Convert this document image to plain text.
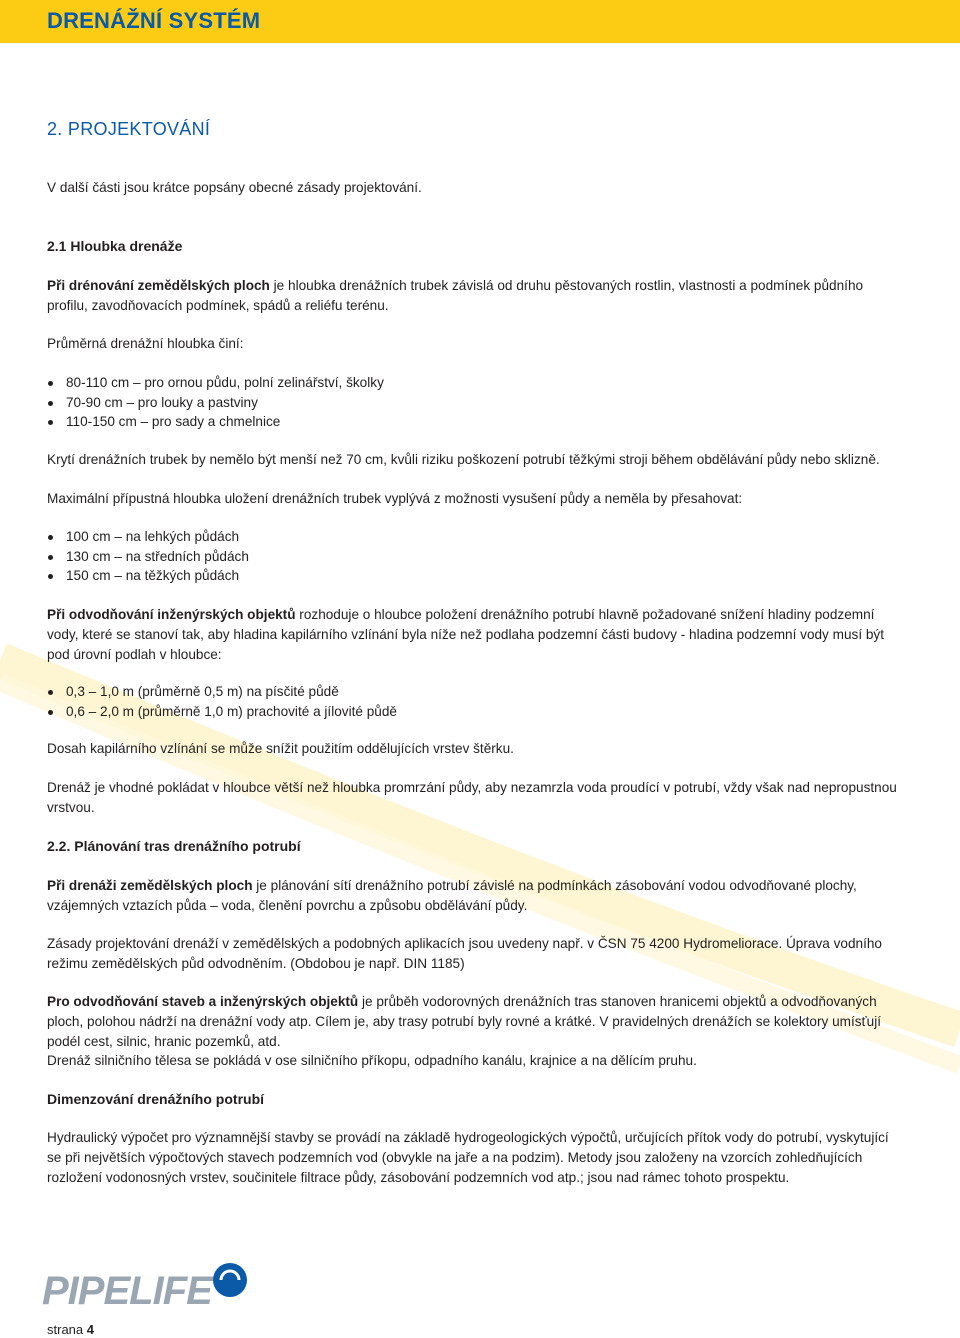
DRENÁŽNÍ SYSTÉM
2. PROJEKTOVÁNÍ

V další části jsou krátce popsány obecné zásady projektování.

2.1 Hloubka drenáže

Při drénování zemědělských ploch je hloubka drenážních trubek závislá od druhu pěstovaných rostlin, vlastnosti a podmínek půdního profilu, zavodňovacích podmínek, spádů a reliéfu terénu.

Průměrná drenážní hloubka činí:

80-110 cm – pro ornou půdu, polní zelinářství, školky
70-90 cm – pro louky a pastviny
110-150 cm – pro sady a chmelnice

Krytí drenážních trubek by nemělo být menší než 70 cm, kvůli riziku poškození potrubí těžkými stroji během obdělávání půdy nebo sklizně.

Maximální přípustná hloubka uložení drenážních trubek vyplývá z možnosti vysušení půdy a neměla by přesahovat:

100 cm – na lehkých půdách
130 cm – na středních půdách
150 cm – na těžkých půdách

Při odvodňování inženýrských objektů rozhoduje o hloubce položení drenážního potrubí hlavně požadované snížení hladiny podzemní vody, které se stanoví tak, aby hladina kapilárního vzlínání byla níže než podlaha podzemní části budovy - hladina podzemní vody musí být pod úrovní podlah v hloubce:

0,3 – 1,0 m (průměrně 0,5 m) na písčité půdě
0,6 – 2,0 m (průměrně 1,0 m) prachovité a jílovité půdě

Dosah kapilárního vzlínání se může snížit použitím oddělujících vrstev štěrku.

Drenáž je vhodné pokládat v hloubce větší než hloubka promrzání půdy, aby nezamrzla voda proudící v potrubí, vždy však nad nepropustnou vrstvou.

2.2. Plánování tras drenážního potrubí

Při drenáži zemědělských ploch je plánování sítí drenážního potrubí závislé na podmínkách zásobování vodou odvodňované plochy, vzájemných vztazích půda – voda, členění povrchu a způsobu obdělávání půdy.

Zásady projektování drenáží v zemědělských a podobných aplikacích jsou uvedeny např. v ČSN 75 4200 Hydromeliorace. Úprava vodního režimu zemědělských půd odvodněním. (Obdobou je např. DIN 1185)

Pro odvodňování staveb a inženýrských objektů je průběh vodorovných drenážních tras stanoven hranicemi objektů a odvodňovaných ploch, polohou nádrží na drenážní vody atp. Cílem je, aby trasy potrubí byly rovné a krátké. V pravidelných drenážích se kolektory umísťují podél cest, silnic, hranic pozemků, atd.

Drenáž silničního tělesa se pokládá v ose silničního příkopu, odpadního kanálu, krajnice a na dělícím pruhu.

Dimenzování drenážního potrubí

Hydraulický výpočet pro významnější stavby se provádí na základě hydrogeologických výpočtů, určujících přítok vody do potrubí, vyskytující se při největších výpočtových stavech podzemních vod (obvykle na jaře a na podzim). Metody jsou založeny na vzorcích zohledňujících rozložení vodonosných vrstev, součinitele filtrace půdy, zásobování podzemních vod atp.; jsou nad rámec tohoto prospektu.

PIPELIFE
strana 4
